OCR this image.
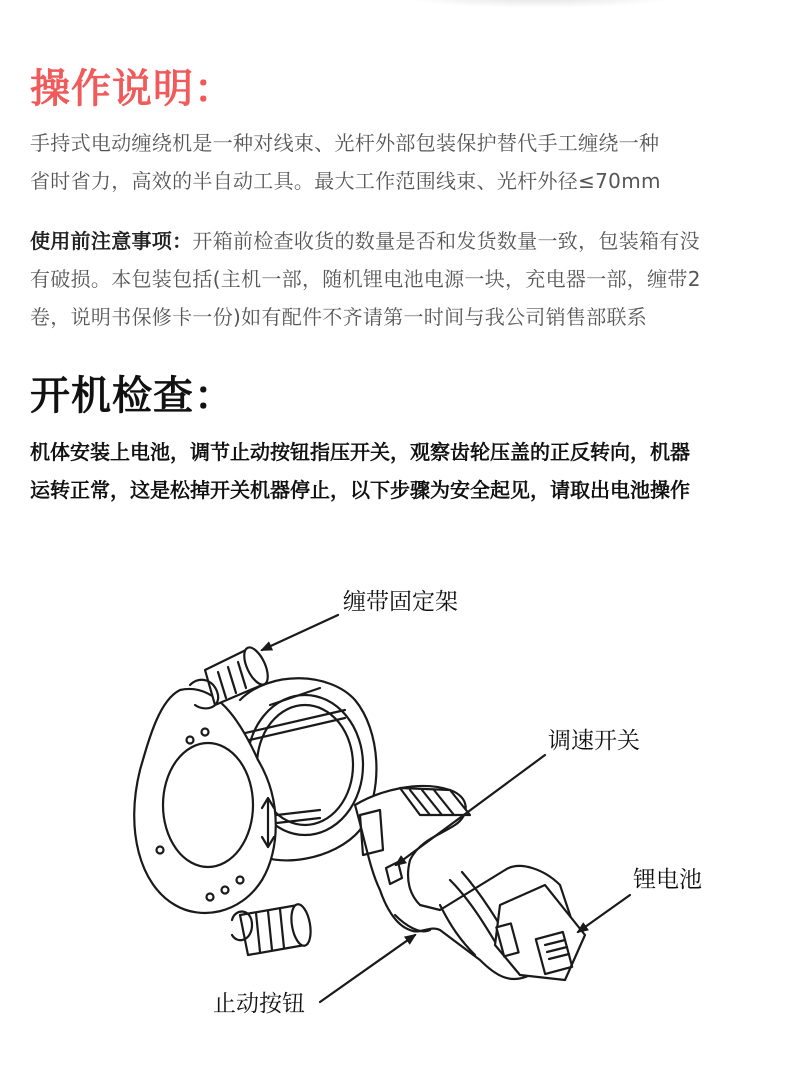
操作说明：

手持式电动缠绕机是一种对线束、光杆外部包装保护替代手工缠绕一种
省时省力，高效的半自动工具。最大工作范围线束、光杆外径≤70mm

使用前注意事项：开箱前检查收货的数量是否和发货数量一致，包装箱有没
有破损。本包装包括(主机一部，随机锂电池电源一块，充电器一部，缠带2
卷，说明书保修卡一份)如有配件不齐请第一时间与我公司销售部联系

开机检查：

机体安装上电池，调节止动按钮指压开关，观察齿轮压盖的正反转向，机器
运转正常，这是松掉开关机器停止，以下步骤为安全起见，请取出电池操作

缠带固定架
调速开关
锂电池
止动按钮
